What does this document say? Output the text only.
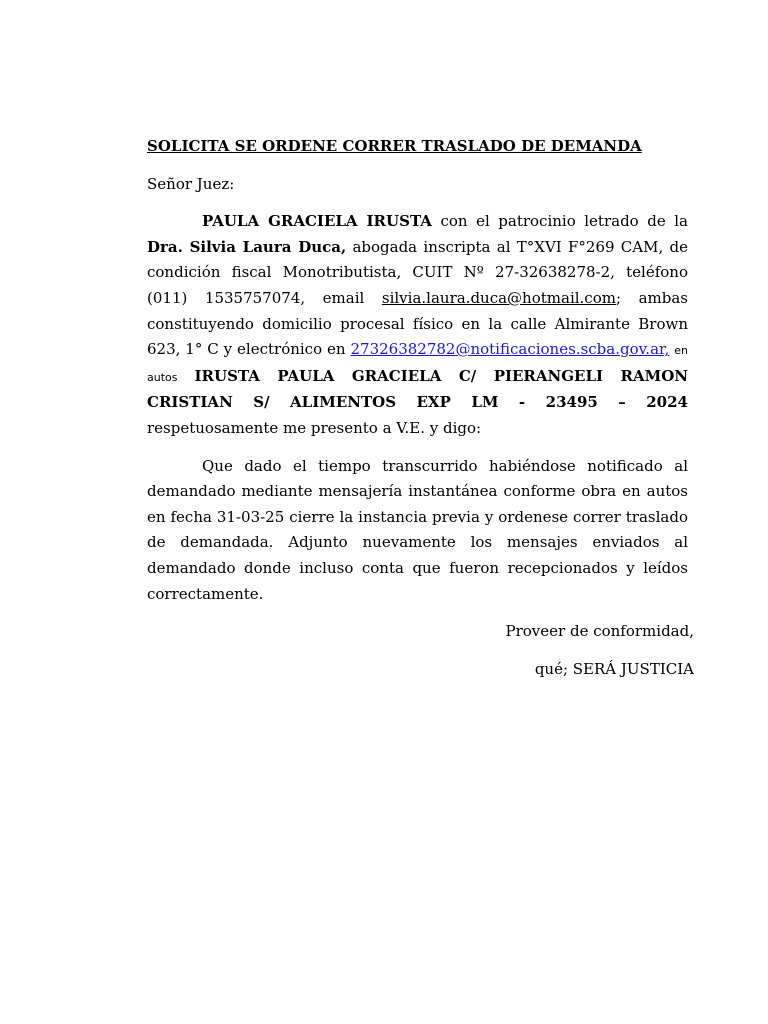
SOLICITA SE ORDENE CORRER TRASLADO DE DEMANDA

Señor Juez:

PAULA GRACIELA IRUSTA con el patrocinio letrado de la Dra. Silvia Laura Duca, abogada inscripta al T°XVI F°269 CAM, de condición fiscal Monotributista, CUIT Nº 27-32638278-2, teléfono (011) 1535757074, email silvia.laura.duca@hotmail.com; ambas constituyendo domicilio procesal físico en la calle Almirante Brown 623, 1° C y electrónico en 27326382782@notificaciones.scba.gov.ar, en autos IRUSTA PAULA GRACIELA C/ PIERANGELI RAMON CRISTIAN S/ ALIMENTOS EXP LM - 23495 – 2024 respetuosamente me presento a V.E. y digo:

Que dado el tiempo transcurrido habiéndose notificado al demandado mediante mensajería instantánea conforme obra en autos en fecha 31-03-25 cierre la instancia previa y ordenese correr traslado de demandada. Adjunto nuevamente los mensajes enviados al demandado donde incluso conta que fueron recepcionados y leídos correctamente.

Proveer de conformidad,

qué; SERÁ JUSTICIA
